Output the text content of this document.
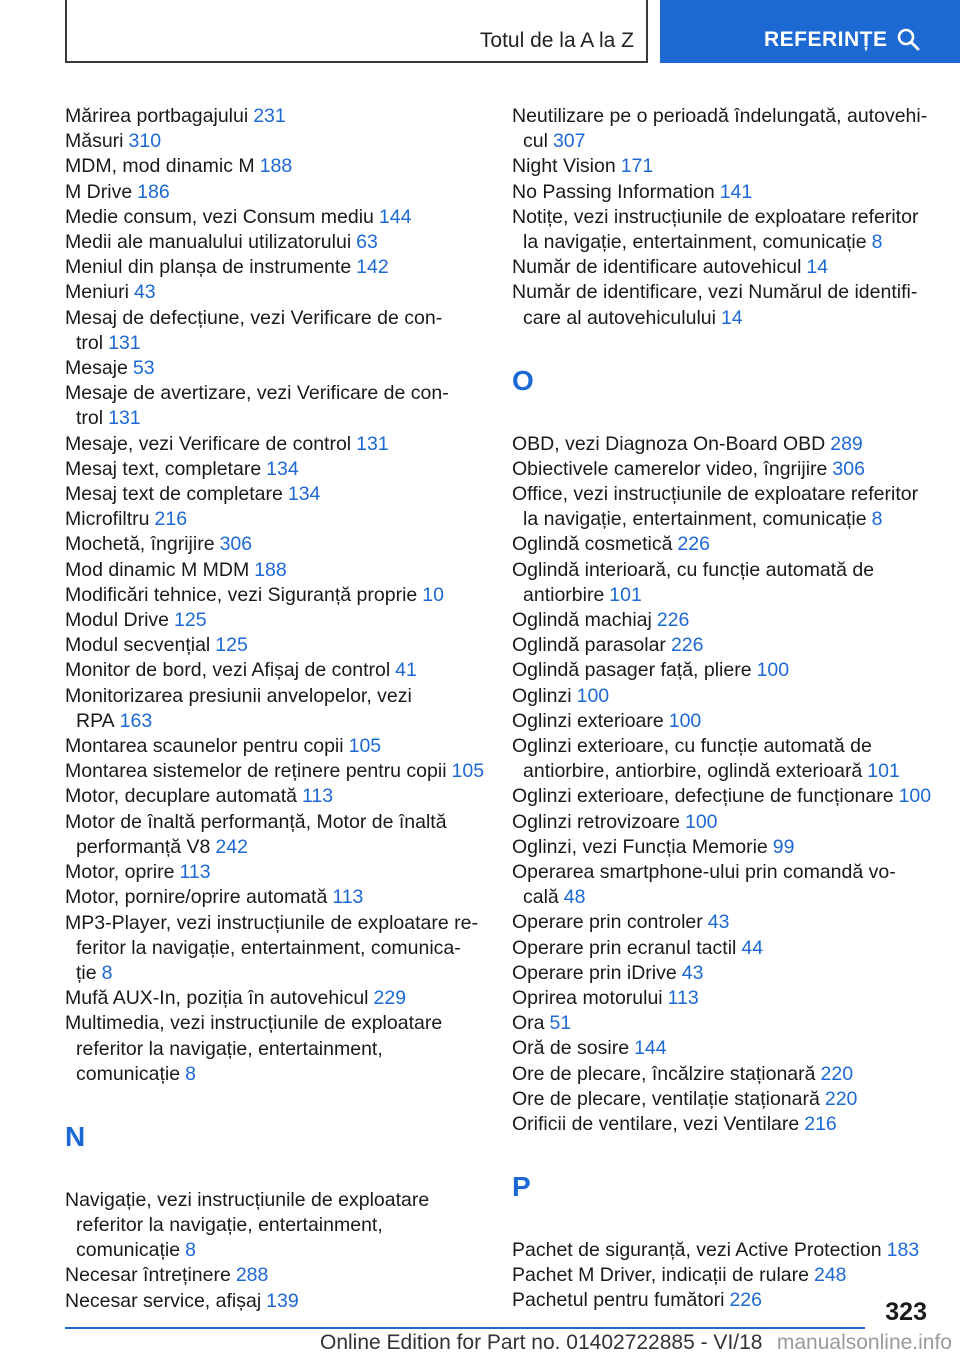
Totul de la A la Z	REFERINȚE
Mărirea portbagajului 231
Măsuri 310
MDM, mod dinamic M 188
M Drive 186
Medie consum, vezi Consum mediu 144
Medii ale manualului utilizatorului 63
Meniul din planșa de instrumente 142
Meniuri 43
Mesaj de defecțiune, vezi Verificare de control 131
Mesaje 53
Mesaje de avertizare, vezi Verificare de control 131
Mesaje, vezi Verificare de control 131
Mesaj text, completare 134
Mesaj text de completare 134
Microfiltru 216
Mochetă, îngrijire 306
Mod dinamic M MDM 188
Modificări tehnice, vezi Siguranță proprie 10
Modul Drive 125
Modul secvențial 125
Monitor de bord, vezi Afișaj de control 41
Monitorizarea presiunii anvelopelor, vezi RPA 163
Montarea scaunelor pentru copii 105
Montarea sistemelor de reținere pentru copii 105
Motor, decuplare automată 113
Motor de înaltă performanță, Motor de înaltă performanță V8 242
Motor, oprire 113
Motor, pornire/oprire automată 113
MP3-Player, vezi instrucțiunile de exploatare referitor la navigație, entertainment, comunicație 8
Mufă AUX-In, poziția în autovehicul 229
Multimedia, vezi instrucțiunile de exploatare referitor la navigație, entertainment, comunicație 8
N
Navigație, vezi instrucțiunile de exploatare referitor la navigație, entertainment, comunicație 8
Necesar întreținere 288
Necesar service, afișaj 139
Neutilizare pe o perioadă îndelungată, autovehicul 307
Night Vision 171
No Passing Information 141
Notițe, vezi instrucțiunile de exploatare referitor la navigație, entertainment, comunicație 8
Număr de identificare autovehicul 14
Număr de identificare, vezi Numărul de identificare al autovehiculului 14
O
OBD, vezi Diagnoza On-Board OBD 289
Obiectivele camerelor video, îngrijire 306
Office, vezi instrucțiunile de exploatare referitor la navigație, entertainment, comunicație 8
Oglindă cosmetică 226
Oglindă interioară, cu funcție automată de antiorbire 101
Oglindă machiaj 226
Oglindă parasolar 226
Oglindă pasager față, pliere 100
Oglinzi 100
Oglinzi exterioare 100
Oglinzi exterioare, cu funcție automată de antiorbire, antiorbire, oglindă exterioară 101
Oglinzi exterioare, defecțiune de funcționare 100
Oglinzi retrovizoare 100
Oglinzi, vezi Funcția Memorie 99
Operarea smartphone-ului prin comandă vocală 48
Operare prin controler 43
Operare prin ecranul tactil 44
Operare prin iDrive 43
Oprirea motorului 113
Ora 51
Oră de sosire 144
Ore de plecare, încălzire staționară 220
Ore de plecare, ventilație staționară 220
Orificii de ventilare, vezi Ventilare 216
P
Pachet de siguranță, vezi Active Protection 183
Pachet M Driver, indicații de rulare 248
Pachetul pentru fumători 226	323
Online Edition for Part no. 01402722885 - VI/18 manualsonline.info
